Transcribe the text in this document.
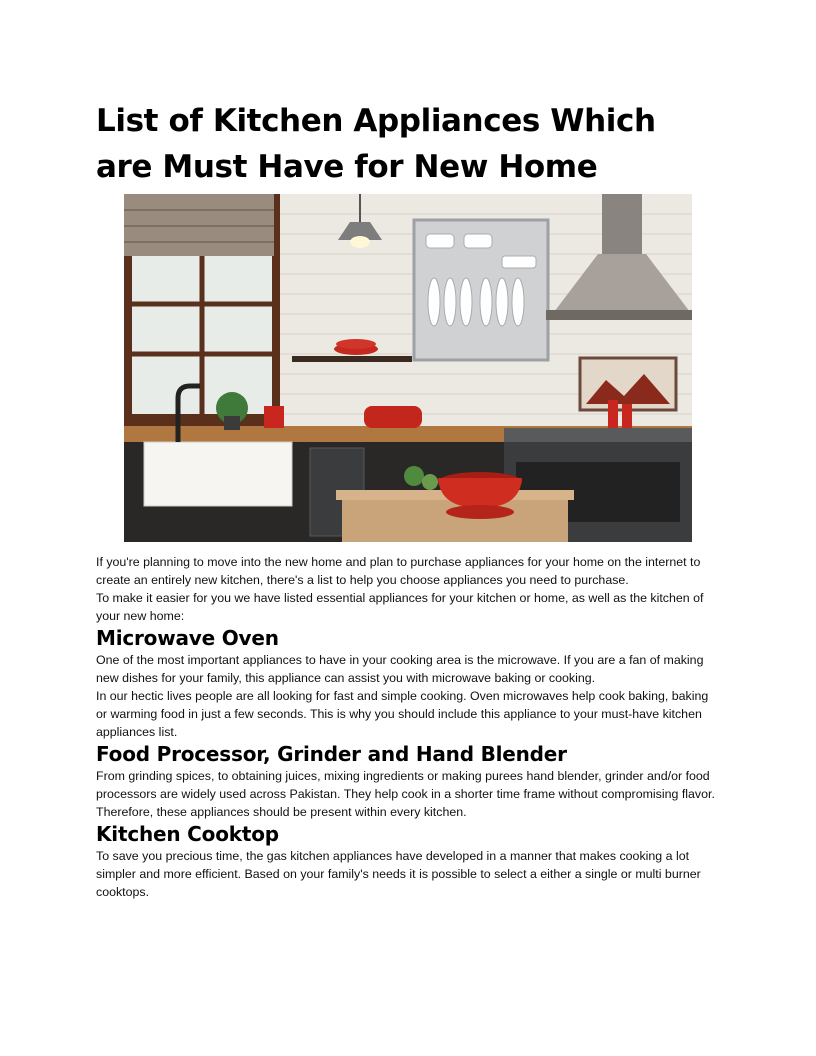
List of Kitchen Appliances Which are Must Have for New Home

If you're planning to move into the new home and plan to purchase appliances for your home on the internet to create an entirely new kitchen, there's a list to help you choose appliances you need to purchase.

To make it easier for you we have listed essential appliances for your kitchen or home, as well as the kitchen of your new home:

Microwave Oven

One of the most important appliances to have in your cooking area is the microwave. If you are a fan of making new dishes for your family, this appliance can assist you with microwave baking or cooking.

In our hectic lives people are all looking for fast and simple cooking. Oven microwaves help cook baking, baking or warming food in just a few seconds. This is why you should include this appliance to your must-have kitchen appliances list.

Food Processor, Grinder and Hand Blender

From grinding spices, to obtaining juices, mixing ingredients or making purees hand blender, grinder and/or food processors are widely used across Pakistan. They help cook in a shorter time frame without compromising flavor. Therefore, these appliances should be present within every kitchen.

Kitchen Cooktop

To save you precious time, the gas kitchen appliances have developed in a manner that makes cooking a lot simpler and more efficient. Based on your family's needs it is possible to select a either a single or multi burner cooktops.
